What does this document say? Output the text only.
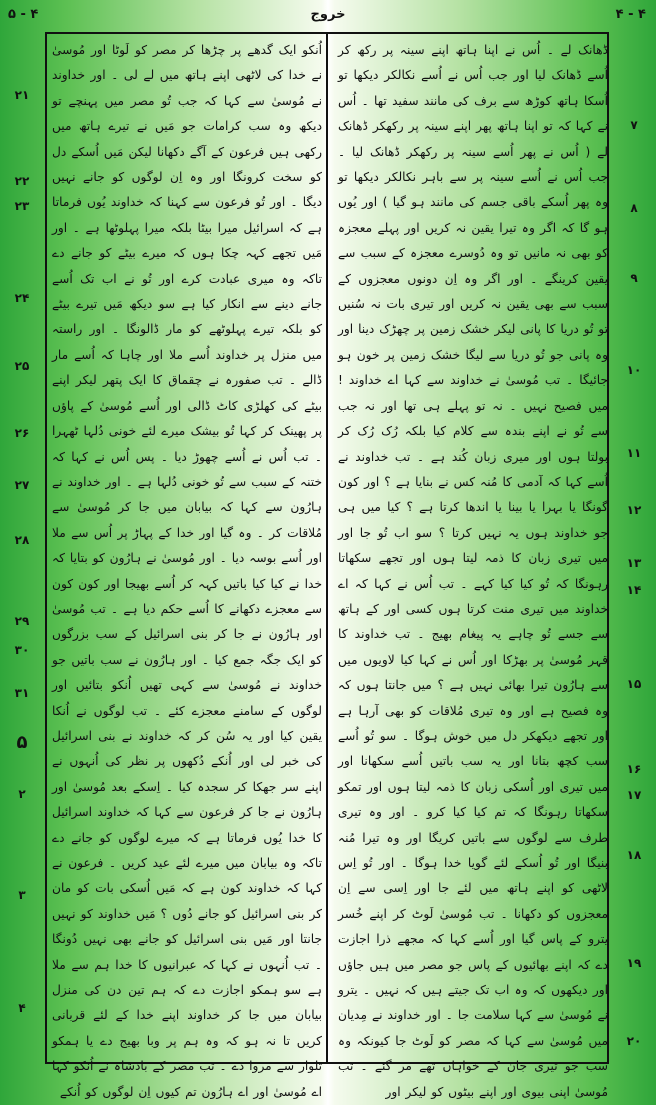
۵ - ۴	خروج	۴ - ۴

ڈھانک لے ۔ اُس نے اپنا ہاتھ اپنے سینہ پر رکھ کر اُسے ڈھانک لیا اور جب اُس نے اُسے نکالکر دیکھا تو اُسکا ہاتھ کوڑھ سے برف کی مانند سفید تھا ۔ اُس نے کہا کہ تو اپنا ہاتھ پھر اپنے سینہ پر رکھکر ڈھانک لے ( اُس نے پھر اُسے سینہ پر رکھکر ڈھانک لیا ۔ جب اُس نے اُسے سینہ پر سے باہر نکالکر دیکھا تو وہ پھر اُسکے باقی جسم کی مانند ہو گیا ) اور یُوں ہو گا کہ اگر وہ تیرا یقین نہ کریں اور پہلے معجزہ کو بھی نہ مانیں تو وہ دُوسرے معجزہ کے سبب سے یقین کرینگے ۔ اور اگر وہ اِن دونوں معجزوں کے سبب سے بھی یقین نہ کریں اور تیری بات نہ سُنیں تو تُو دریا کا پانی لیکر خشک زمین پر چھڑک دینا اور وہ پانی جو تُو دریا سے لیگا خشک زمین پر خون ہو جائیگا ۔ تب مُوسیٰ نے خداوند سے کہا اے خداوند ! میں فصیح نہیں ۔ نہ تو پہلے ہی تھا اور نہ جب سے تُو نے اپنے بندہ سے کلام کیا بلکہ رُک رُک کر بولتا ہوں اور میری زبان کُند ہے ۔ تب خداوند نے اُسے کہا کہ آدمی کا مُنہ کس نے بنایا ہے ؟ اور کون گونگا یا بہرا یا بینا یا اندھا کرتا ہے ؟ کیا میں ہی جو خداوند ہوں یہ نہیں کرتا ؟ سو اب تُو جا اور میں تیری زبان کا ذمہ لیتا ہوں اور تجھے سکھاتا رہونگا کہ تُو کیا کیا کہے ۔ تب اُس نے کہا کہ اے خداوند میں تیری منت کرتا ہوں کسی اور کے ہاتھ سے جسے تُو چاہے یہ پیغام بھیج ۔ تب خداوند کا قہر مُوسیٰ پر بھڑکا اور اُس نے کہا کیا لاویوں میں سے ہارُون تیرا بھائی نہیں ہے ؟ میں جانتا ہوں کہ وہ فصیح ہے اور وہ تیری مُلاقات کو بھی آرہا ہے اور تجھے دیکھکر دل میں خوش ہوگا ۔ سو تُو اُسے سب کچھ بتانا اور یہ سب باتیں اُسے سکھانا اور میں تیری اور اُسکی زبان کا ذمہ لیتا ہوں اور تمکو سکھاتا رہونگا کہ تم کیا کیا کرو ۔ اور وہ تیری طرف سے لوگوں سے باتیں کریگا اور وہ تیرا مُنہ بنیگا اور تُو اُسکے لئے گویا خدا ہوگا ۔ اور تُو اِس لاٹھی کو اپنے ہاتھ میں لئے جا اور اِسی سے اِن معجزوں کو دکھانا ۔ تب مُوسیٰ لَوٹ کر اپنے خُسر یترو کے پاس گیا اور اُسے کہا کہ مجھے ذرا اجازت دے کہ اپنے بھائیوں کے پاس جو مصر میں ہیں جاؤں اور دیکھوں کہ وہ اب تک جیتے ہیں کہ نہیں ۔ یترو نے مُوسیٰ سے کہا سلامت جا ۔ اور خداوند نے مِدیان میں مُوسیٰ سے کہا کہ مصر کو لَوٹ جا کیونکہ وہ سب جو تیری جان کے خواہاں تھے مر گئے ۔ تب مُوسیٰ اپنی بیوی اور اپنے بیٹوں کو لیکر اور

اُنکو ایک گدھے پر چڑھا کر مصر کو لَوٹا اور مُوسیٰ نے خدا کی لاٹھی اپنے ہاتھ میں لے لی ۔ اور خداوند نے مُوسیٰ سے کہا کہ جب تُو مصر میں پہنچے تو دیکھ وہ سب کرامات جو مَیں نے تیرے ہاتھ میں رکھی ہیں فرعون کے آگے دکھانا لیکن مَیں اُسکے دل کو سخت کرونگا اور وہ اِن لوگوں کو جانے نہیں دیگا ۔ اور تُو فرعون سے کہنا کہ خداوند یُوں فرماتا ہے کہ اسرائیل میرا بیٹا بلکہ میرا پہلوٹھا ہے ۔ اور مَیں تجھے کہہ چکا ہوں کہ میرے بیٹے کو جانے دے تاکہ وہ میری عبادت کرے اور تُو نے اب تک اُسے جانے دینے سے انکار کیا ہے سو دیکھ مَیں تیرے بیٹے کو بلکہ تیرے پہلوٹھے کو مار ڈالونگا ۔ اور راستہ میں منزل پر خداوند اُسے ملا اور چاہا کہ اُسے مار ڈالے ۔ تب صفورہ نے چقماق کا ایک پتھر لیکر اپنے بیٹے کی کھلڑی کاٹ ڈالی اور اُسے مُوسیٰ کے پاؤں پر پھینک کر کہا تُو بیشک میرے لئے خونی دُلہا ٹھہرا ۔ تب اُس نے اُسے چھوڑ دیا ۔ پس اُس نے کہا کہ ختنہ کے سبب سے تُو خونی دُلہا ہے ۔ اور خداوند نے ہارُون سے کہا کہ بیابان میں جا کر مُوسیٰ سے مُلاقات کر ۔ وہ گیا اور خدا کے پہاڑ پر اُس سے ملا اور اُسے بوسہ دیا ۔ اور مُوسیٰ نے ہارُون کو بتایا کہ خدا نے کیا کیا باتیں کہہ کر اُسے بھیجا اور کون کون سے معجزے دکھانے کا اُسے حکم دیا ہے ۔ تب مُوسیٰ اور ہارُون نے جا کر بنی اسرائیل کے سب بزرگوں کو ایک جگہ جمع کیا ۔ اور ہارُون نے سب باتیں جو خداوند نے مُوسیٰ سے کہی تھیں اُنکو بتائیں اور لوگوں کے سامنے معجزے کئے ۔ تب لوگوں نے اُنکا یقین کیا اور یہ سُن کر کہ خداوند نے بنی اسرائیل کی خبر لی اور اُنکے دُکھوں پر نظر کی اُنہوں نے اپنے سر جھکا کر سجدہ کیا ۔ اِسکے بعد مُوسیٰ اور ہارُون نے جا کر فرعون سے کہا کہ خداوند اسرائیل کا خدا یُوں فرماتا ہے کہ میرے لوگوں کو جانے دے تاکہ وہ بیابان میں میرے لئے عید کریں ۔ فرعون نے کہا کہ خداوند کون ہے کہ مَیں اُسکی بات کو مان کر بنی اسرائیل کو جانے دُوں ؟ مَیں خداوند کو نہیں جانتا اور مَیں بنی اسرائیل کو جانے بھی نہیں دُونگا ۔ تب اُنہوں نے کہا کہ عبرانیوں کا خدا ہم سے ملا ہے سو ہمکو اجازت دے کہ ہم تین دن کی منزل بیابان میں جا کر خداوند اپنے خدا کے لئے قربانی کریں تا نہ ہو کہ وہ ہم پر وبا بھیج دے یا ہمکو تلوار سے مروا دے ۔ تب مصر کے بادشاہ نے اُنکو کہا اے مُوسیٰ اور اے ہارُون تم کیوں اِن لوگوں کو اُنکے

۷
۸
۹
۱۰
۱۱
۱۲
۱۳
۱۴
۱۵
۱۶
۱۷
۱۸
۱۹
۲۰
۲۱
۲۲
۲۳
۲۴
۲۵
۲۶
۲۷
۲۸
۲۹
۳۰
۳۱
۵
۲
۳
۴
